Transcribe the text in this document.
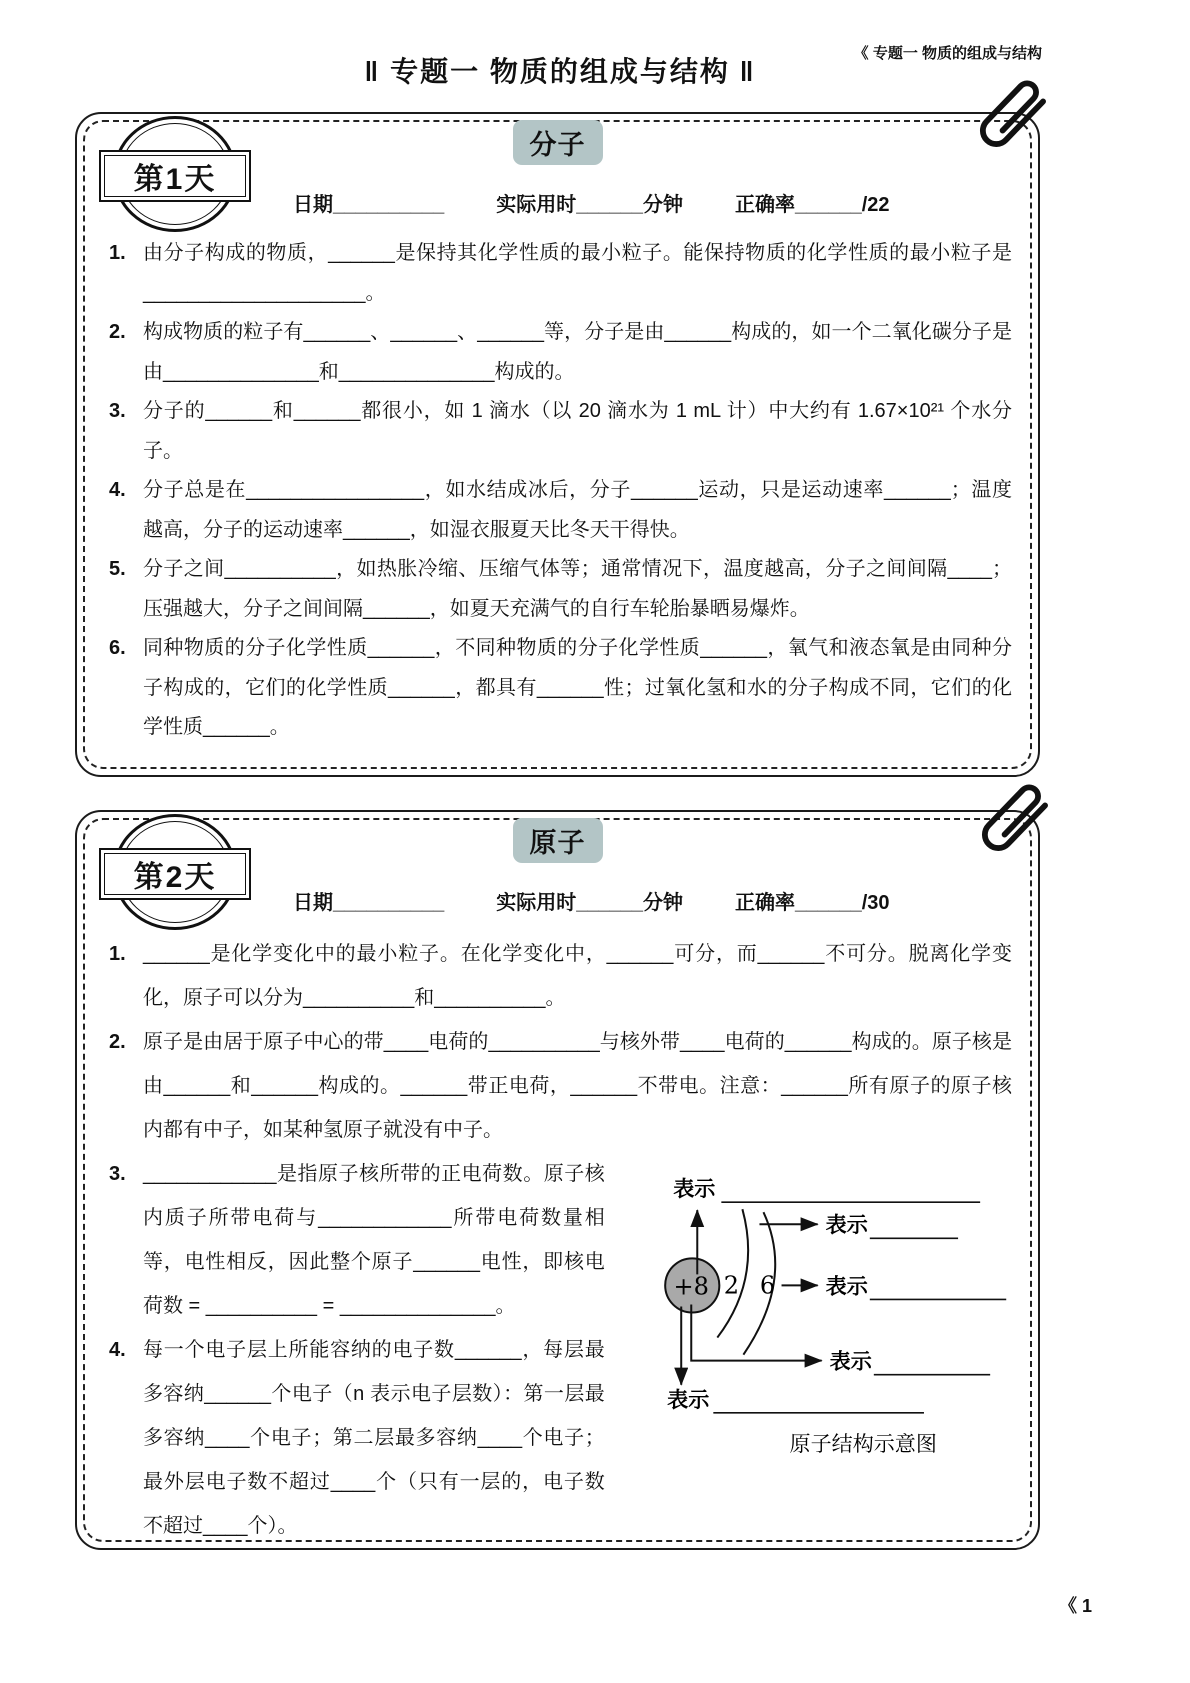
‖ 专题一 物质的组成与结构 ‖
《 专题一 物质的组成与结构
第1天
分子
日期__________	实际用时______分钟	正确率______/22
1. 由分子构成的物质，______是保持其化学性质的最小粒子。能保持物质的化学性质的最小粒子是____________________。
2. 构成物质的粒子有______、______、______等，分子是由______构成的，如一个二氧化碳分子是由______________和______________构成的。
3. 分子的______和______都很小，如 1 滴水（以 20 滴水为 1 mL 计）中大约有 1.67×10²¹ 个水分子。
4. 分子总是在________________，如水结成冰后，分子______运动，只是运动速率______；温度越高，分子的运动速率______，如湿衣服夏天比冬天干得快。
5. 分子之间__________，如热胀冷缩、压缩气体等；通常情况下，温度越高，分子之间间隔____；压强越大，分子之间间隔______，如夏天充满气的自行车轮胎暴晒易爆炸。
6. 同种物质的分子化学性质______，不同种物质的分子化学性质______，氧气和液态氧是由同种分子构成的，它们的化学性质______，都具有______性；过氧化氢和水的分子构成不同，它们的化学性质______。
第2天
原子
日期__________	实际用时______分钟	正确率______/30
1. ______是化学变化中的最小粒子。在化学变化中，______可分，而______不可分。脱离化学变化，原子可以分为__________和__________。
2. 原子是由居于原子中心的带____电荷的__________与核外带____电荷的______构成的。原子核是由______和______构成的。______带正电荷，______不带电。注意：______所有原子的原子核内都有中子，如某种氢原子就没有中子。
3. ____________是指原子核所带的正电荷数。原子核内质子所带电荷与____________所带电荷数量相等，电性相反，因此整个原子______电性，即核电荷数 = __________ = ______________。
4. 每一个电子层上所能容纳的电子数______，每层最多容纳______个电子（n 表示电子层数）：第一层最多容纳____个电子；第二层最多容纳____个电子；最外层电子数不超过____个（只有一层的，电子数不超过____个）。
表示
+8 2 6
表示
表示
表示
表示
原子结构示意图
《 1
